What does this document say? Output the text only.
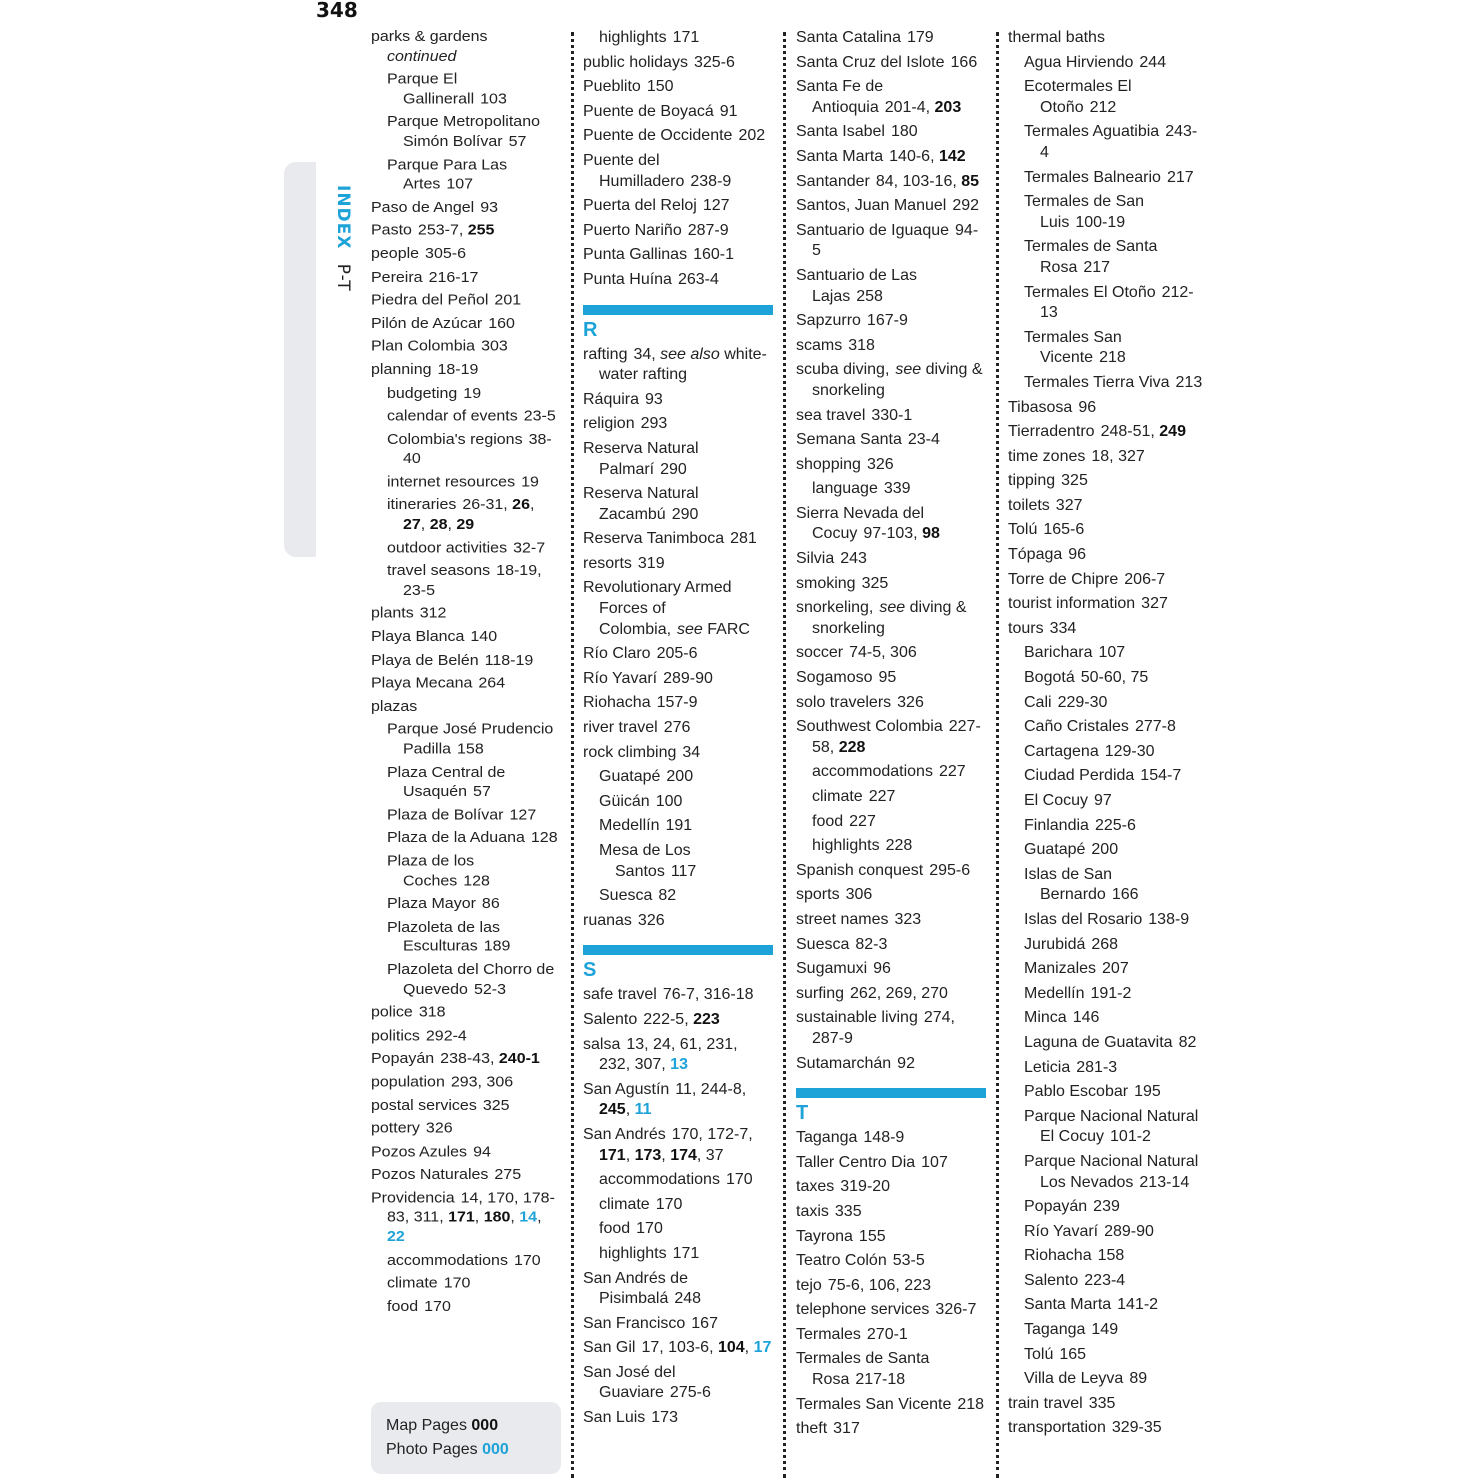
348
INDEX P-T
parks & gardens continued
Parque El Gallinerall 103
Parque Metropolitano Simón Bolívar 57
Parque Para Las Artes 107
Paso de Angel 93
Pasto 253-7, 255
people 305-6
Pereira 216-17
Piedra del Peñol 201
Pilón de Azúcar 160
Plan Colombia 303
planning 18-19
budgeting 19
calendar of events 23-5
Colombia's regions 38-40
internet resources 19
itineraries 26-31, 26, 27, 28, 29
outdoor activities 32-7
travel seasons 18-19, 23-5
plants 312
Playa Blanca 140
Playa de Belén 118-19
Playa Mecana 264
plazas
Parque José Prudencio Padilla 158
Plaza Central de Usaquén 57
Plaza de Bolívar 127
Plaza de la Aduana 128
Plaza de los Coches 128
Plaza Mayor 86
Plazoleta de las Esculturas 189
Plazoleta del Chorro de Quevedo 52-3
police 318
politics 292-4
Popayán 238-43, 240-1
population 293, 306
postal services 325
pottery 326
Pozos Azules 94
Pozos Naturales 275
Providencia 14, 170, 178-83, 311, 171, 180, 14, 22
accommodations 170
climate 170
food 170
highlights 171
public holidays 325-6
Pueblito 150
Puente de Boyacá 91
Puente de Occidente 202
Puente del Humilladero 238-9
Puerta del Reloj 127
Puerto Nariño 287-9
Punta Gallinas 160-1
Punta Huína 263-4
R
rafting 34, see also white-water rafting
Ráquira 93
religion 293
Reserva Natural Palmarí 290
Reserva Natural Zacambú 290
Reserva Tanimboca 281
resorts 319
Revolutionary Armed Forces of Colombia, see FARC
Río Claro 205-6
Río Yavarí 289-90
Riohacha 157-9
river travel 276
rock climbing 34
Guatapé 200
Güicán 100
Medellín 191
Mesa de Los Santos 117
Suesca 82
ruanas 326
S
safe travel 76-7, 316-18
Salento 222-5, 223
salsa 13, 24, 61, 231, 232, 307, 13
San Agustín 11, 244-8, 245, 11
San Andrés 170, 172-7, 171, 173, 174, 37
accommodations 170
climate 170
food 170
highlights 171
San Andrés de Pisimbalá 248
San Francisco 167
San Gil 17, 103-6, 104, 17
San José del Guaviare 275-6
San Luis 173
Santa Catalina 179
Santa Cruz del Islote 166
Santa Fe de Antioquia 201-4, 203
Santa Isabel 180
Santa Marta 140-6, 142
Santander 84, 103-16, 85
Santos, Juan Manuel 292
Santuario de Iguaque 94-5
Santuario de Las Lajas 258
Sapzurro 167-9
scams 318
scuba diving, see diving & snorkeling
sea travel 330-1
Semana Santa 23-4
shopping 326
language 339
Sierra Nevada del Cocuy 97-103, 98
Silvia 243
smoking 325
snorkeling, see diving & snorkeling
soccer 74-5, 306
Sogamoso 95
solo travelers 326
Southwest Colombia 227-58, 228
accommodations 227
climate 227
food 227
highlights 228
Spanish conquest 295-6
sports 306
street names 323
Suesca 82-3
Sugamuxi 96
surfing 262, 269, 270
sustainable living 274, 287-9
Sutamarchán 92
T
Taganga 148-9
Taller Centro Dia 107
taxes 319-20
taxis 335
Tayrona 155
Teatro Colón 53-5
tejo 75-6, 106, 223
telephone services 326-7
Termales 270-1
Termales de Santa Rosa 217-18
Termales San Vicente 218
theft 317
thermal baths
Agua Hirviendo 244
Ecotermales El Otoño 212
Termales Aguatibia 243-4
Termales Balneario 217
Termales de San Luis 100-19
Termales de Santa Rosa 217
Termales El Otoño 212-13
Termales San Vicente 218
Termales Tierra Viva 213
Tibasosa 96
Tierradentro 248-51, 249
time zones 18, 327
tipping 325
toilets 327
Tolú 165-6
Tópaga 96
Torre de Chipre 206-7
tourist information 327
tours 334
Barichara 107
Bogotá 50-60, 75
Cali 229-30
Caño Cristales 277-8
Cartagena 129-30
Ciudad Perdida 154-7
El Cocuy 97
Finlandia 225-6
Guatapé 200
Islas de San Bernardo 166
Islas del Rosario 138-9
Jurubidá 268
Manizales 207
Medellín 191-2
Minca 146
Laguna de Guatavita 82
Leticia 281-3
Pablo Escobar 195
Parque Nacional Natural El Cocuy 101-2
Parque Nacional Natural Los Nevados 213-14
Popayán 239
Río Yavarí 289-90
Riohacha 158
Salento 223-4
Santa Marta 141-2
Taganga 149
Tolú 165
Villa de Leyva 89
train travel 335
transportation 329-35
Map Pages 000
Photo Pages 000
